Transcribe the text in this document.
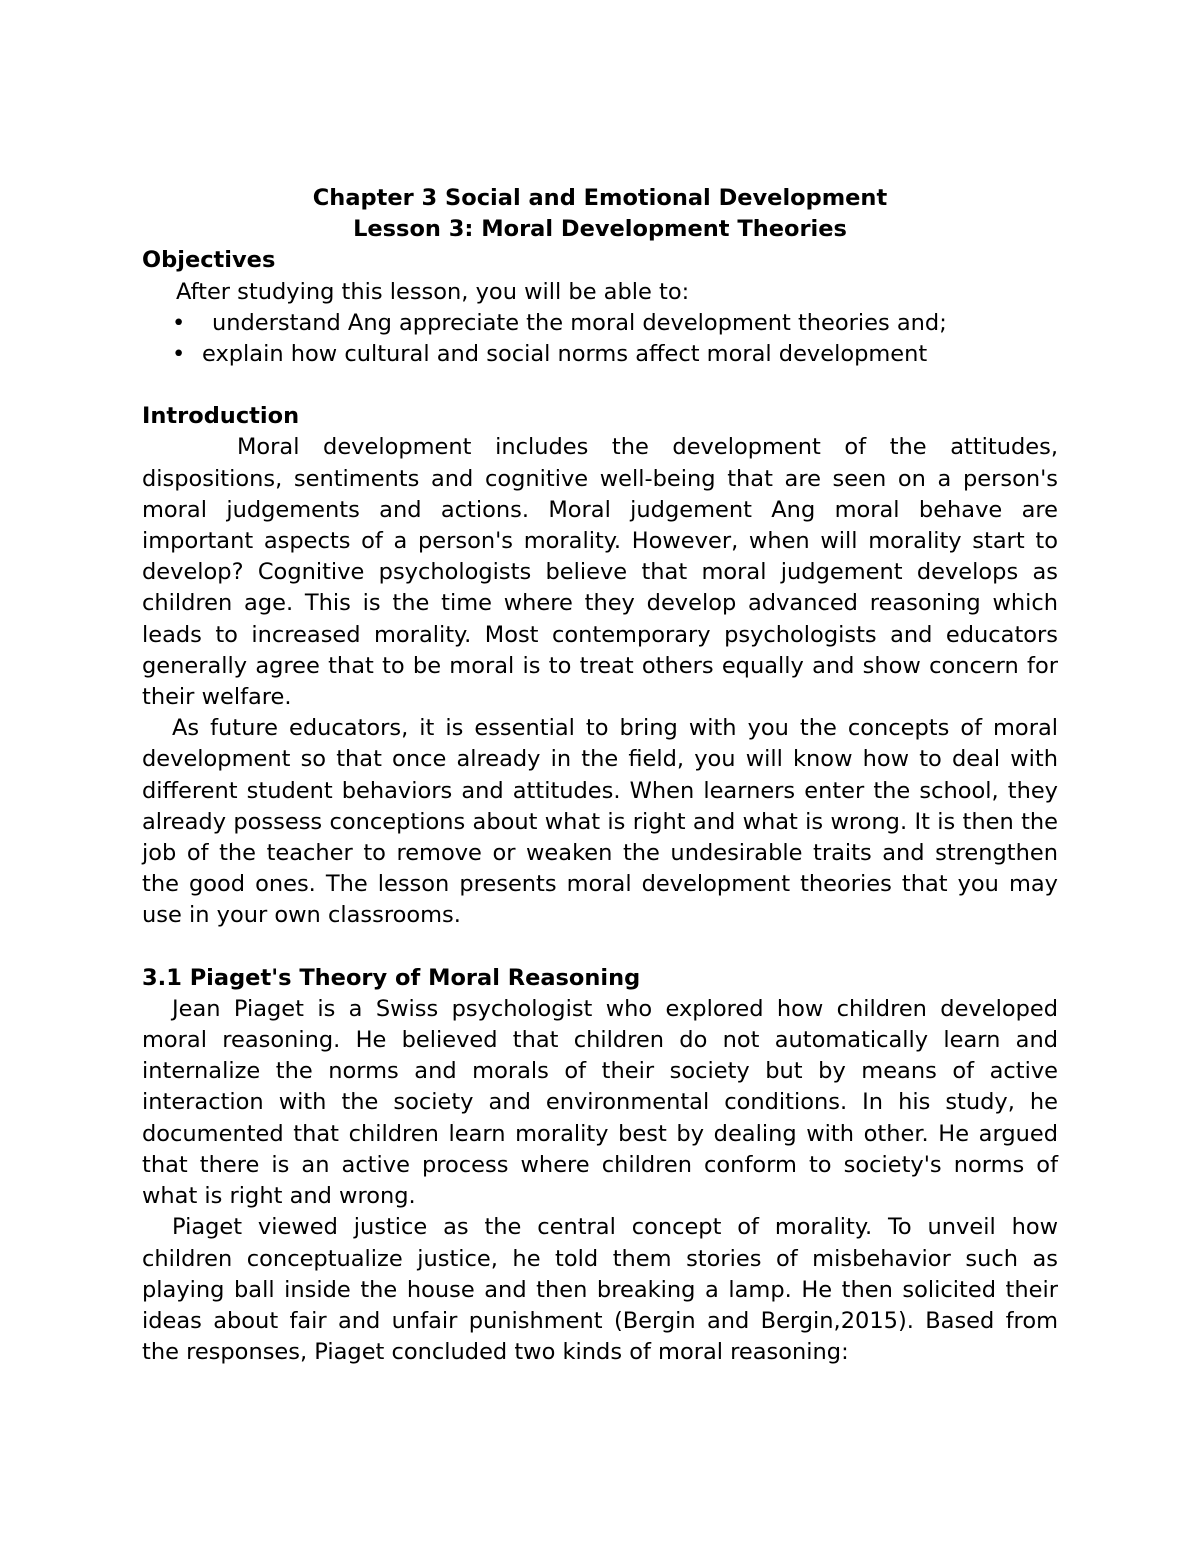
Chapter 3 Social and Emotional Development

Lesson 3: Moral Development Theories

Objectives

After studying this lesson, you will be able to:

• understand Ang appreciate the moral development theories and;
• explain how cultural and social norms affect moral development

Introduction

Moral development includes the development of the attitudes, dispositions, sentiments and cognitive well-being that are seen on a person's moral judgements and actions. Moral judgement Ang moral behave are important aspects of a person's morality. However, when will morality start to develop? Cognitive psychologists believe that moral judgement develops as children age. This is the time where they develop advanced reasoning which leads to increased morality. Most contemporary psychologists and educators generally agree that to be moral is to treat others equally and show concern for their welfare.

As future educators, it is essential to bring with you the concepts of moral development so that once already in the field, you will know how to deal with different student behaviors and attitudes. When learners enter the school, they already possess conceptions about what is right and what is wrong. It is then the job of the teacher to remove or weaken the undesirable traits and strengthen the good ones. The lesson presents moral development theories that you may use in your own classrooms.

3.1 Piaget's Theory of Moral Reasoning

Jean Piaget is a Swiss psychologist who explored how children developed moral reasoning. He believed that children do not automatically learn and internalize the norms and morals of their society but by means of active interaction with the society and environmental conditions. In his study, he documented that children learn morality best by dealing with other. He argued that there is an active process where children conform to society's norms of what is right and wrong.

Piaget viewed justice as the central concept of morality. To unveil how children conceptualize justice, he told them stories of misbehavior such as playing ball inside the house and then breaking a lamp. He then solicited their ideas about fair and unfair punishment (Bergin and Bergin,2015). Based from the responses, Piaget concluded two kinds of moral reasoning:
